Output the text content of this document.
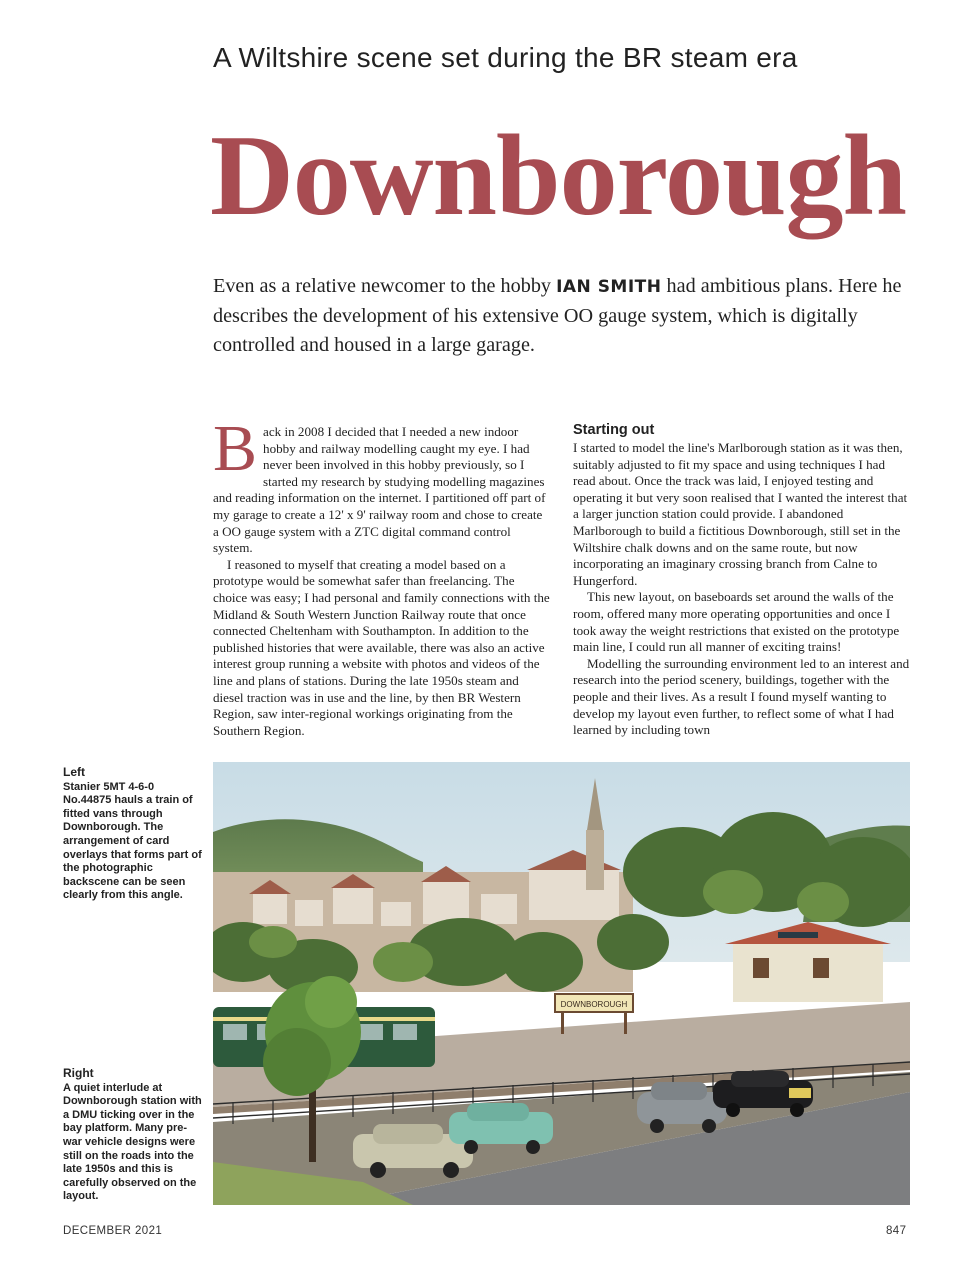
A Wiltshire scene set during the BR steam era
Downborough
Even as a relative newcomer to the hobby IAN SMITH had ambitious plans. Here he describes the development of his extensive OO gauge system, which is digitally controlled and housed in a large garage.

Back in 2008 I decided that I needed a new indoor hobby and railway modelling caught my eye. I had never been involved in this hobby previously, so I started my research by studying modelling magazines and reading information on the internet. I partitioned off part of my garage to create a 12' x 9' railway room and chose to create a OO gauge system with a ZTC digital command control system.

I reasoned to myself that creating a model based on a prototype would be somewhat safer than freelancing. The choice was easy; I had personal and family connections with the Midland & South Western Junction Railway route that once connected Cheltenham with Southampton. In addition to the published histories that were available, there was also an active interest group running a website with photos and videos of the line and plans of stations. During the late 1950s steam and diesel traction was in use and the line, by then BR Western Region, saw inter-regional workings originating from the Southern Region.

Starting out

I started to model the line's Marlborough station as it was then, suitably adjusted to fit my space and using techniques I had read about. Once the track was laid, I enjoyed testing and operating it but very soon realised that I wanted the interest that a larger junction station could provide. I abandoned Marlborough to build a fictitious Downborough, still set in the Wiltshire chalk downs and on the same route, but now incorporating an imaginary crossing branch from Calne to Hungerford.

This new layout, on baseboards set around the walls of the room, offered many more operating opportunities and once I took away the weight restrictions that existed on the prototype main line, I could run all manner of exciting trains!

Modelling the surrounding environment led to an interest and research into the period scenery, buildings, together with the people and their lives. As a result I found myself wanting to develop my layout even further, to reflect some of what I had learned by including town

Left
Stanier 5MT 4-6-0 No.44875 hauls a train of fitted vans through Downborough. The arrangement of card overlays that forms part of the photographic backscene can be seen clearly from this angle.
Right
A quiet interlude at Downborough station with a DMU ticking over in the bay platform. Many pre-war vehicle designs were still on the roads into the late 1950s and this is carefully observed on the layout.
DOWNBOROUGH
DECEMBER 2021	847
